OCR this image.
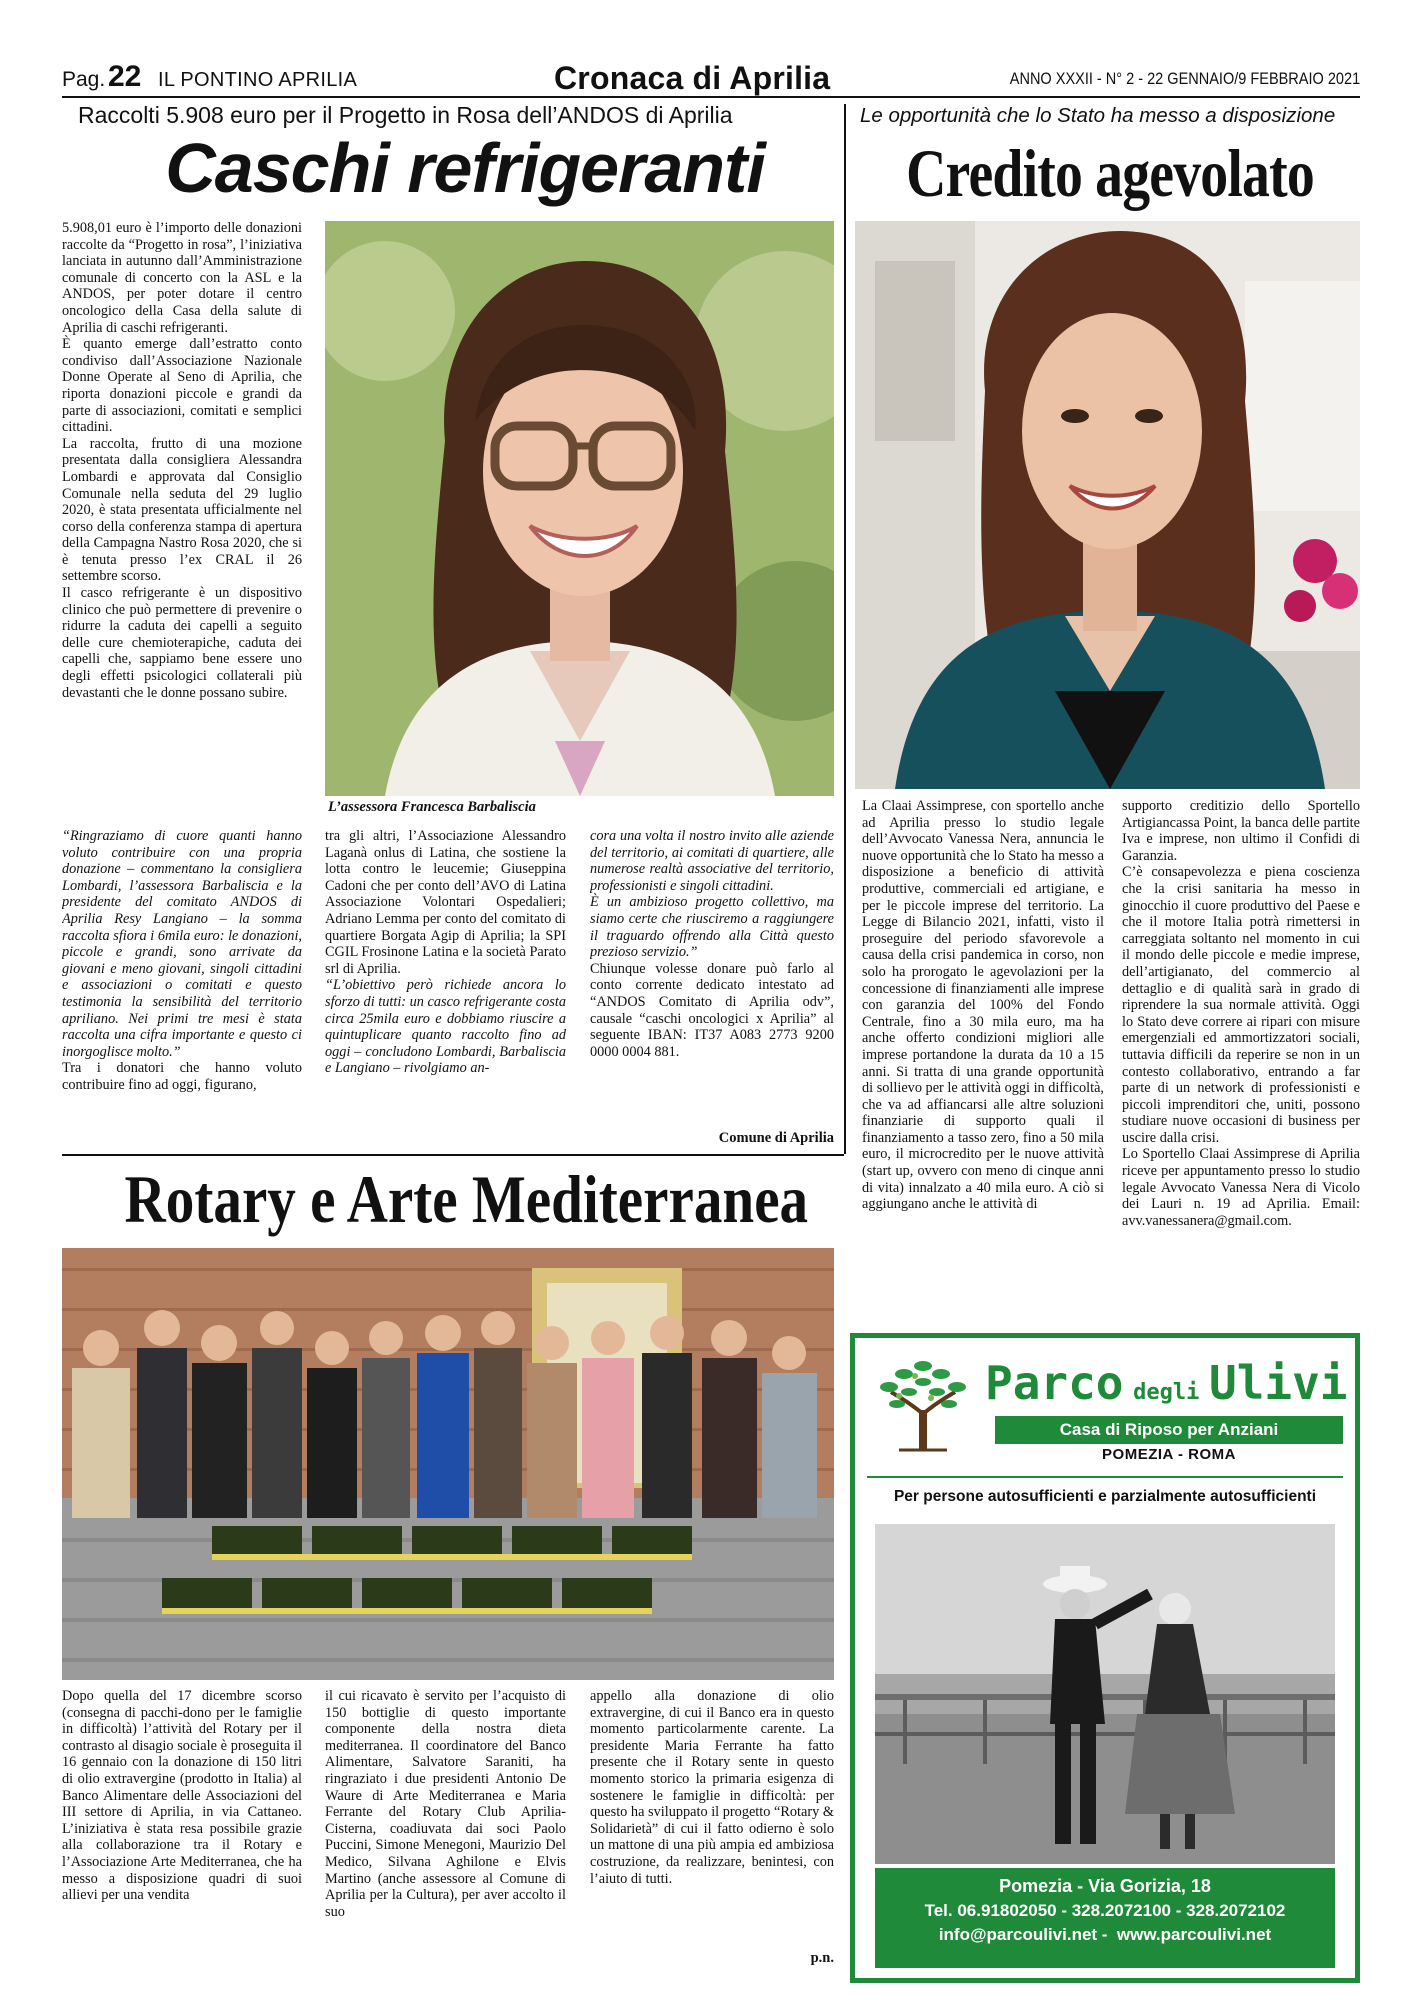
Pag. 22 IL PONTINO APRILIA	Cronaca di Aprilia	ANNO XXXII - N° 2 - 22 GENNAIO/9 FEBBRAIO 2021
Raccolti 5.908 euro per il Progetto in Rosa dell’ANDOS di Aprilia
Caschi refrigeranti

5.908,01 euro è l’importo delle donazioni raccolte da “Progetto in rosa”, l’iniziativa lanciata in autunno dall’Amministrazione comunale di concerto con la ASL e la ANDOS, per poter dotare il centro oncologico della Casa della salute di Aprilia di caschi refrigeranti.

È quanto emerge dall’estratto conto condiviso dall’Associazione Nazionale Donne Operate al Seno di Aprilia, che riporta donazioni piccole e grandi da parte di associazioni, comitati e semplici cittadini.

La raccolta, frutto di una mozione presentata dalla consigliera Alessandra Lombardi e approvata dal Consiglio Comunale nella seduta del 29 luglio 2020, è stata presentata ufficialmente nel corso della conferenza stampa di apertura della Campagna Nastro Rosa 2020, che si è tenuta presso l’ex CRAL il 26 settembre scorso.

Il casco refrigerante è un dispositivo clinico che può permettere di prevenire o ridurre la caduta dei capelli a seguito delle cure chemioterapiche, caduta dei capelli che, sappiamo bene essere uno degli effetti psicologici collaterali più devastanti che le donne possano subire.

L’assessora Francesca Barbaliscia

“Ringraziamo di cuore quanti hanno voluto contribuire con una propria donazione – commentano la consigliera Lombardi, l’assessora Barbaliscia e la presidente del comitato ANDOS di Aprilia Resy Langiano – la somma raccolta sfiora i 6mila euro: le donazioni, piccole e grandi, sono arrivate da giovani e meno giovani, singoli cittadini e associazioni o comitati e questo testimonia la sensibilità del territorio apriliano. Nei primi tre mesi è stata raccolta una cifra importante e questo ci inorgoglisce molto.”

Tra i donatori che hanno voluto contribuire fino ad oggi, figurano,

tra gli altri, l’Associazione Alessandro Laganà onlus di Latina, che sostiene la lotta contro le leucemie; Giuseppina Cadoni che per conto dell’AVO di Latina Associazione Volontari Ospedalieri; Adriano Lemma per conto del comitato di quartiere Borgata Agip di Aprilia; la SPI CGIL Frosinone Latina e la società Parato srl di Aprilia.

“L’obiettivo però richiede ancora lo sforzo di tutti: un casco refrigerante costa circa 25mila euro e dobbiamo riuscire a quintuplicare quanto raccolto fino ad oggi – concludono Lombardi, Barbaliscia e Langiano – rivolgiamo an-

cora una volta il nostro invito alle aziende del territorio, ai comitati di quartiere, alle numerose realtà associative del territorio, professionisti e singoli cittadini.

È un ambizioso progetto collettivo, ma siamo certe che riusciremo a raggiungere il traguardo offrendo alla Città questo prezioso servizio.”

Chiunque volesse donare può farlo al conto corrente dedicato intestato ad “ANDOS Comitato di Aprilia odv”, causale “caschi oncologici x Aprilia” al seguente IBAN: IT37 A083 2773 9200 0000 0004 881.

Comune di Aprilia
Le opportunità che lo Stato ha messo a disposizione
Credito agevolato

La Claai Assimprese, con sportello anche ad Aprilia presso lo studio legale dell’Avvocato Vanessa Nera, annuncia le nuove opportunità che lo Stato ha messo a disposizione a beneficio di attività produttive, commerciali ed artigiane, e per le piccole imprese del territorio. La Legge di Bilancio 2021, infatti, visto il proseguire del periodo sfavorevole a causa della crisi pandemica in corso, non solo ha prorogato le agevolazioni per la concessione di finanziamenti alle imprese con garanzia del 100% del Fondo Centrale, fino a 30 mila euro, ma ha anche offerto condizioni migliori alle imprese portandone la durata da 10 a 15 anni. Si tratta di una grande opportunità di sollievo per le attività oggi in difficoltà, che va ad affiancarsi alle altre soluzioni finanziarie di supporto quali il finanziamento a tasso zero, fino a 50 mila euro, il microcredito per le nuove attività (start up, ovvero con meno di cinque anni di vita) innalzato a 40 mila euro. A ciò si aggiungano anche le attività di

supporto creditizio dello Sportello Artigiancassa Point, la banca delle partite Iva e imprese, non ultimo il Confidi di Garanzia.

C’è consapevolezza e piena coscienza che la crisi sanitaria ha messo in ginocchio il cuore produttivo del Paese e che il motore Italia potrà rimettersi in carreggiata soltanto nel momento in cui il mondo delle piccole e medie imprese, dell’artigianato, del commercio al dettaglio e di qualità sarà in grado di riprendere la sua normale attività. Oggi lo Stato deve correre ai ripari con misure emergenziali ed ammortizzatori sociali, tuttavia difficili da reperire se non in un contesto collaborativo, entrando a far parte di un network di professionisti e piccoli imprenditori che, uniti, possono studiare nuove occasioni di business per uscire dalla crisi.

Lo Sportello Claai Assimprese di Aprilia riceve per appuntamento presso lo studio legale Avvocato Vanessa Nera di Vicolo dei Lauri n. 19 ad Aprilia. Email: avv.vanessanera@gmail.com.

Rotary e Arte Mediterranea

Dopo quella del 17 dicembre scorso (consegna di pacchi-dono per le famiglie in difficoltà) l’attività del Rotary per il contrasto al disagio sociale è proseguita il 16 gennaio con la donazione di 150 litri di olio extravergine (prodotto in Italia) al Banco Alimentare delle Associazioni del III settore di Aprilia, in via Cattaneo. L’iniziativa è stata resa possibile grazie alla collaborazione tra il Rotary e l’Associazione Arte Mediterranea, che ha messo a disposizione quadri di suoi allievi per una vendita

il cui ricavato è servito per l’acquisto di 150 bottiglie di questo importante componente della nostra dieta mediterranea. Il coordinatore del Banco Alimentare, Salvatore Saraniti, ha ringraziato i due presidenti Antonio De Waure di Arte Mediterranea e Maria Ferrante del Rotary Club Aprilia-Cisterna, coadiuvata dai soci Paolo Puccini, Simone Menegoni, Maurizio Del Medico, Silvana Aghilone e Elvis Martino (anche assessore al Comune di Aprilia per la Cultura), per aver accolto il suo

appello alla donazione di olio extravergine, di cui il Banco era in questo momento particolarmente carente. La presidente Maria Ferrante ha fatto presente che il Rotary sente in questo momento storico la primaria esigenza di sostenere le famiglie in difficoltà: per questo ha sviluppato il progetto “Rotary & Solidarietà” di cui il fatto odierno è solo un mattone di una più ampia ed ambiziosa costruzione, da realizzare, benintesi, con l’aiuto di tutti.

p.n.
Parco degli Ulivi
Casa di Riposo per Anziani
POMEZIA - ROMA
Per persone autosufficienti e parzialmente autosufficienti
Pomezia - Via Gorizia, 18
Tel. 06.91802050 - 328.2072100 - 328.2072102
info@parcoulivi.net -  www.parcoulivi.net
